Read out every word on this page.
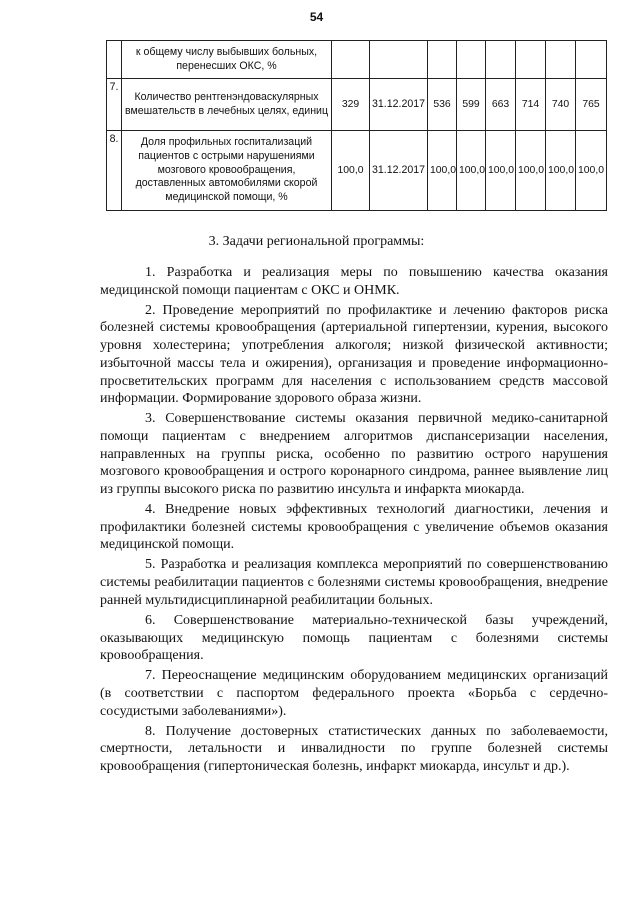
54
	к общему числу выбывших больных, перенесших ОКС, %								
7.	Количество рентгенэндоваскулярных вмешательств в лечебных целях, единиц	329	31.12.2017	536	599	663	714	740	765
8.	Доля профильных госпитализаций пациентов с острыми нарушениями мозгового кровообращения, доставленных автомобилями скорой медицинской помощи, %	100,0	31.12.2017	100,0	100,0	100,0	100,0	100,0	100,0
3. Задачи региональной программы:

1. Разработка и реализация меры по повышению качества оказания медицинской помощи пациентам с ОКС и ОНМК.

2. Проведение мероприятий по профилактике и лечению факторов риска болезней системы кровообращения (артериальной гипертензии, курения, высокого уровня холестерина; употребления алкоголя; низкой физической активности; избыточной массы тела и ожирения), организация и проведение информационно-просветительских программ для населения с использованием средств массовой информации. Формирование здорового образа жизни.

3. Совершенствование системы оказания первичной медико-санитарной помощи пациентам с внедрением алгоритмов диспансеризации населения, направленных на группы риска, особенно по развитию острого нарушения мозгового кровообращения и острого коронарного синдрома, раннее выявление лиц из группы высокого риска по развитию инсульта и инфаркта миокарда.

4. Внедрение новых эффективных технологий диагностики, лечения и профилактики болезней системы кровообращения с увеличение объемов оказания медицинской помощи.

5. Разработка и реализация комплекса мероприятий по совершенствованию системы реабилитации пациентов с болезнями системы кровообращения, внедрение ранней мультидисциплинарной реабилитации больных.

6. Совершенствование материально-технической базы учреждений, оказывающих медицинскую помощь пациентам с болезнями системы кровообращения.

7. Переоснащение медицинским оборудованием медицинских организаций (в соответствии с паспортом федерального проекта «Борьба с сердечно-сосудистыми заболеваниями»).

8. Получение достоверных статистических данных по заболеваемости, смертности, летальности и инвалидности по группе болезней системы кровообращения (гипертоническая болезнь, инфаркт миокарда, инсульт и др.).
